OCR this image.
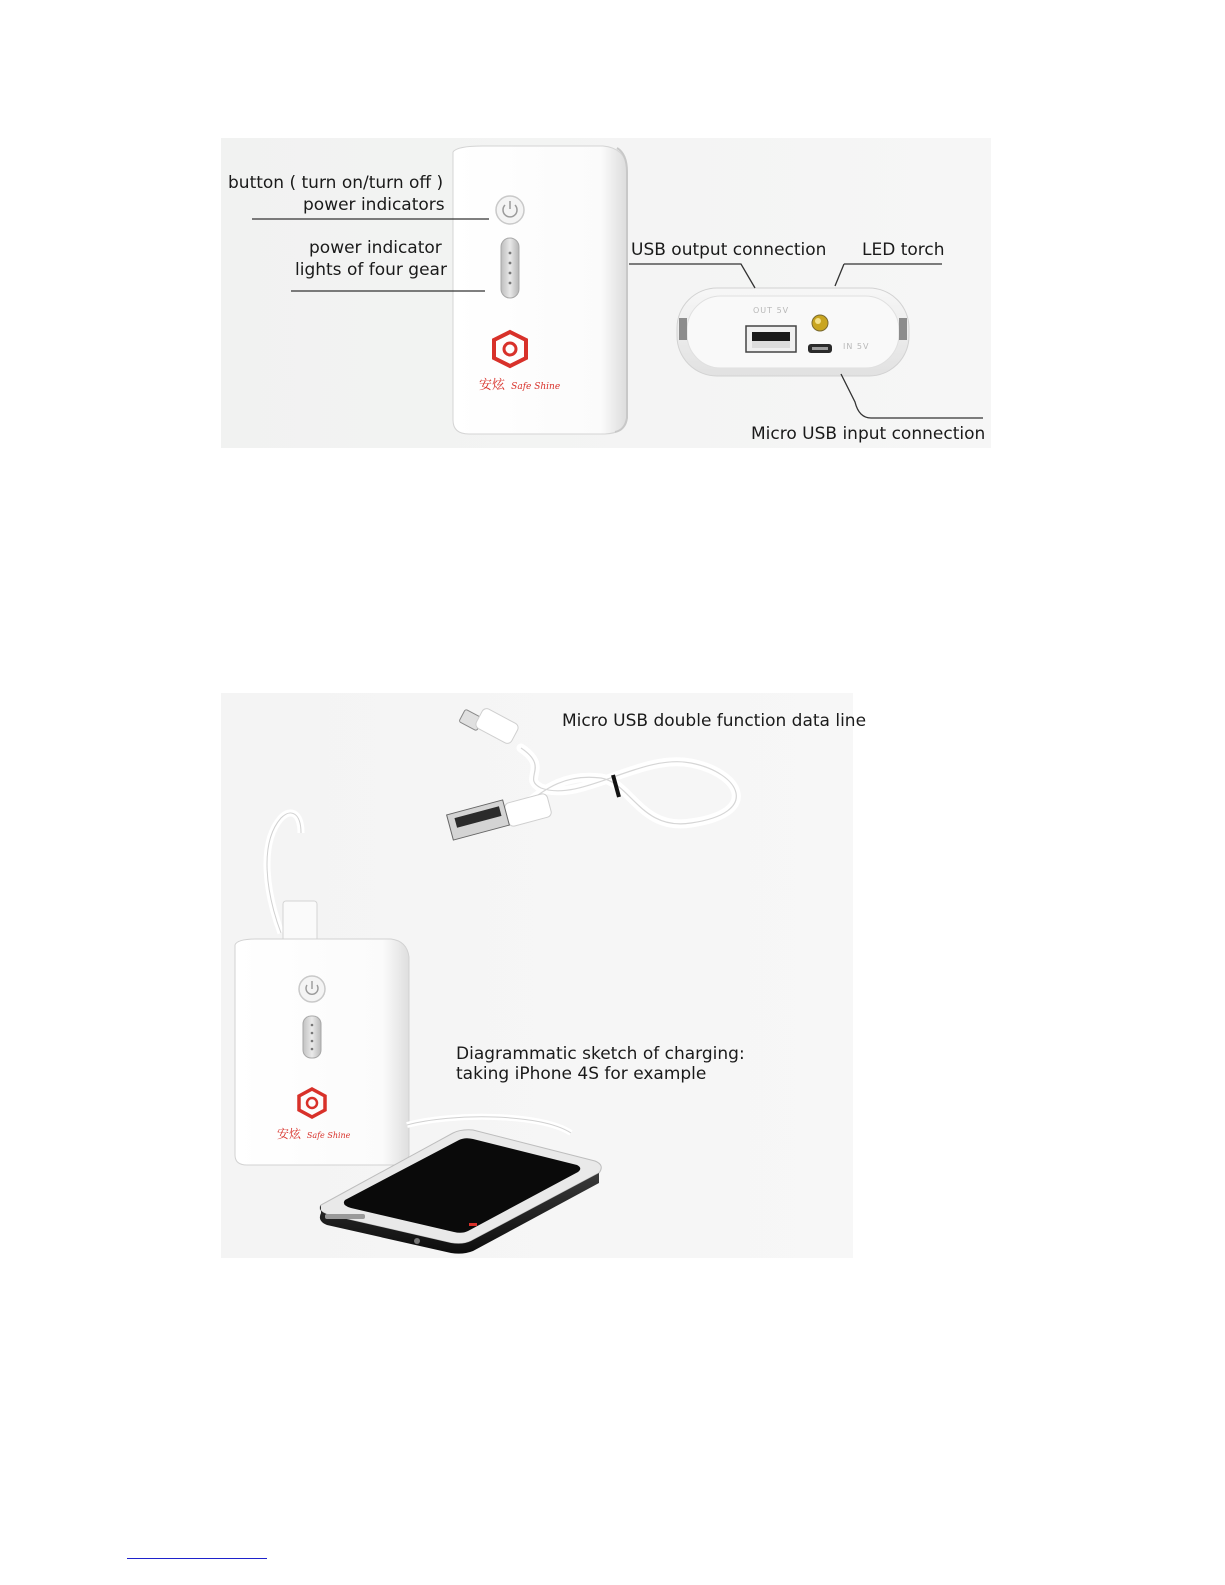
button ( turn on/turn off )
power indicators
power indicator
lights of four gear
USB output connection LED torch
Micro USB input connection
OUT 5V
IN 5V
安炫 Safe Shine
Micro USB double function data line
Diagrammatic sketch of charging:
taking iPhone 4S for example
安炫 Safe Shine
